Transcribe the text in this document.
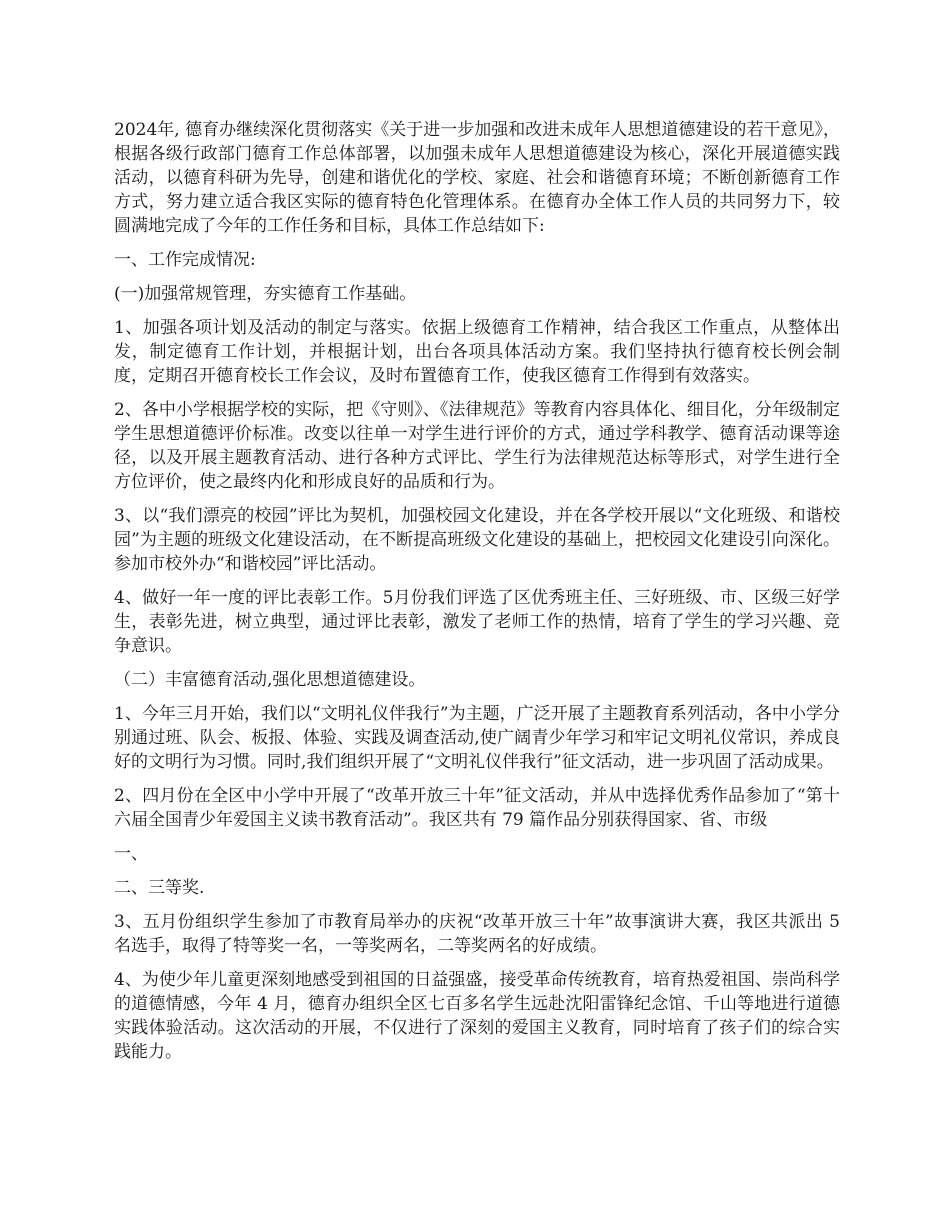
2024年, 德育办继续深化贯彻落实《关于进一步加强和改进未成年人思想道德建设的若干意见》，根据各级行政部门德育工作总体部署，以加强未成年人思想道德建设为核心，深化开展道德实践活动，以德育科研为先导，创建和谐优化的学校、家庭、社会和谐德育环境；不断创新德育工作方式，努力建立适合我区实际的德育特色化管理体系。在德育办全体工作人员的共同努力下，较圆满地完成了今年的工作任务和目标，具体工作总结如下:

一、工作完成情况:

(一)加强常规管理，夯实德育工作基础。

1、加强各项计划及活动的制定与落实。依据上级德育工作精神，结合我区工作重点，从整体出发，制定德育工作计划，并根据计划，出台各项具体活动方案。我们坚持执行德育校长例会制度，定期召开德育校长工作会议，及时布置德育工作，使我区德育工作得到有效落实。

2、各中小学根据学校的实际，把《守则》、《法律规范》等教育内容具体化、细目化，分年级制定学生思想道德评价标准。改变以往单一对学生进行评价的方式，通过学科教学、德育活动课等途径，以及开展主题教育活动、进行各种方式评比、学生行为法律规范达标等形式，对学生进行全方位评价，使之最终内化和形成良好的品质和行为。

3、以“我们漂亮的校园”评比为契机，加强校园文化建设，并在各学校开展以“文化班级、和谐校园”为主题的班级文化建设活动，在不断提高班级文化建设的基础上，把校园文化建设引向深化。参加市校外办“和谐校园”评比活动。

4、做好一年一度的评比表彰工作。5月份我们评选了区优秀班主任、三好班级、市、区级三好学生，表彰先进，树立典型，通过评比表彰，激发了老师工作的热情，培育了学生的学习兴趣、竞争意识。

（二）丰富德育活动,强化思想道德建设。

1、今年三月开始，我们以“文明礼仪伴我行”为主题，广泛开展了主题教育系列活动，各中小学分别通过班、队会、板报、体验、实践及调查活动,使广阔青少年学习和牢记文明礼仪常识，养成良好的文明行为习惯。同时,我们组织开展了“文明礼仪伴我行”征文活动，进一步巩固了活动成果。

2、四月份在全区中小学中开展了“改革开放三十年”征文活动，并从中选择优秀作品参加了“第十六届全国青少年爱国主义读书教育活动”。我区共有 79 篇作品分别获得国家、省、市级

一、

二、三等奖.

3、五月份组织学生参加了市教育局举办的庆祝“改革开放三十年”故事演讲大赛，我区共派出 5 名选手，取得了特等奖一名，一等奖两名，二等奖两名的好成绩。

4、为使少年儿童更深刻地感受到祖国的日益强盛，接受革命传统教育，培育热爱祖国、崇尚科学的道德情感，今年 4 月，德育办组织全区七百多名学生远赴沈阳雷锋纪念馆、千山等地进行道德实践体验活动。这次活动的开展，不仅进行了深刻的爱国主义教育，同时培育了孩子们的综合实践能力。
